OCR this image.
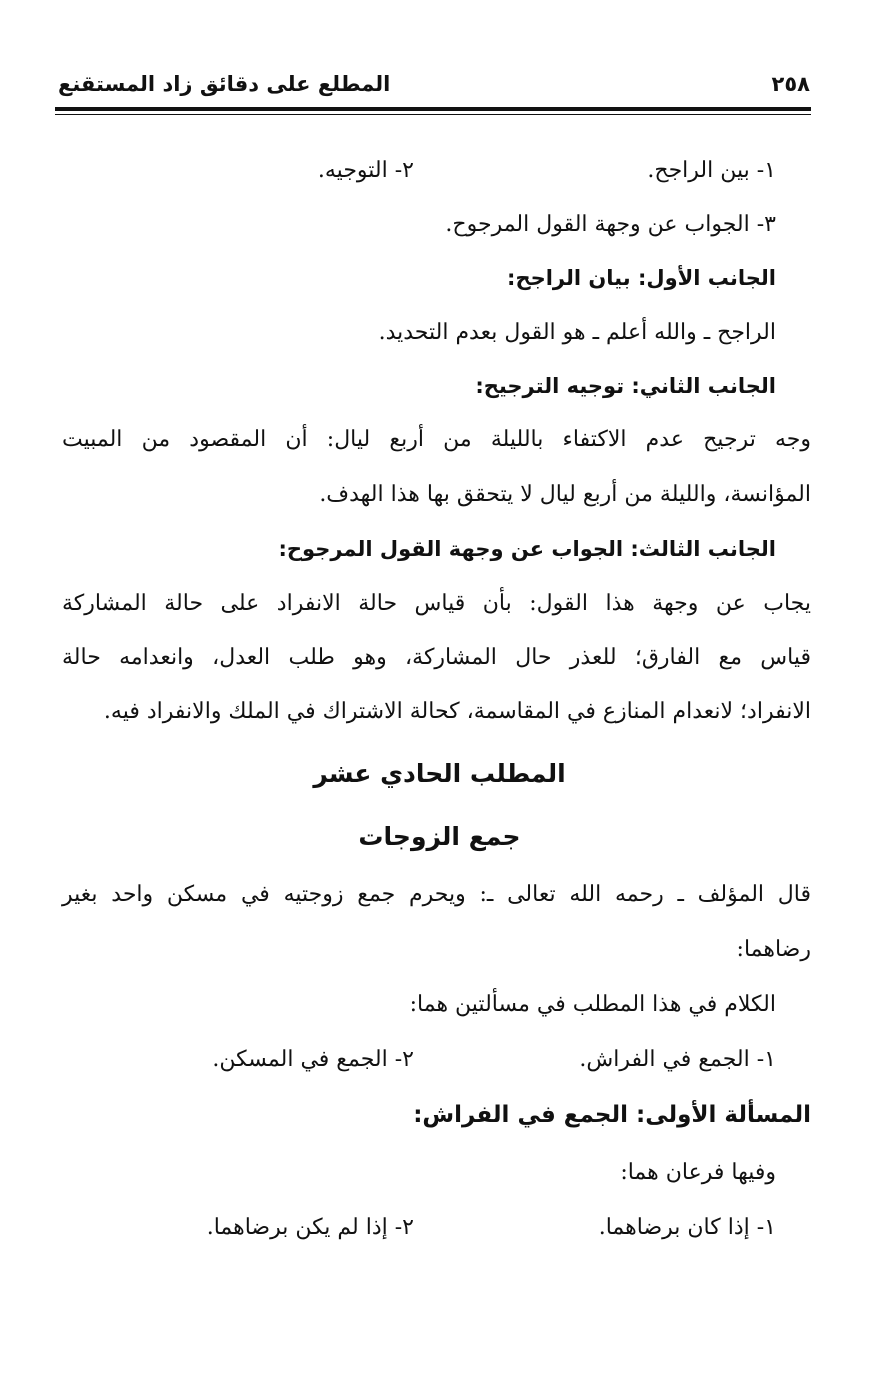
٢٥٨
المطلع على دقائق زاد المستقنع
١- بين الراجح.
٢- التوجيه.
٣- الجواب عن وجهة القول المرجوح.
الجانب الأول: بيان الراجح:
الراجح ـ والله أعلم ـ هو القول بعدم التحديد.
الجانب الثاني: توجيه الترجيح:
وجه ترجيح عدم الاكتفاء بالليلة من أربع ليال: أن المقصود من المبيت
المؤانسة، والليلة من أربع ليال لا يتحقق بها هذا الهدف.
الجانب الثالث: الجواب عن وجهة القول المرجوح:
يجاب عن وجهة هذا القول: بأن قياس حالة الانفراد على حالة المشاركة
قياس مع الفارق؛ للعذر حال المشاركة، وهو طلب العدل، وانعدامه حالة
الانفراد؛ لانعدام المنازع في المقاسمة، كحالة الاشتراك في الملك والانفراد فيه.
المطلب الحادي عشر
جمع الزوجات
قال المؤلف ـ رحمه الله تعالى ـ: ويحرم جمع زوجتيه في مسكن واحد بغير
رضاهما:
الكلام في هذا المطلب في مسألتين هما:
١- الجمع في الفراش.
٢- الجمع في المسكن.
المسألة الأولى: الجمع في الفراش:
وفيها فرعان هما:
١- إذا كان برضاهما.
٢- إذا لم يكن برضاهما.
